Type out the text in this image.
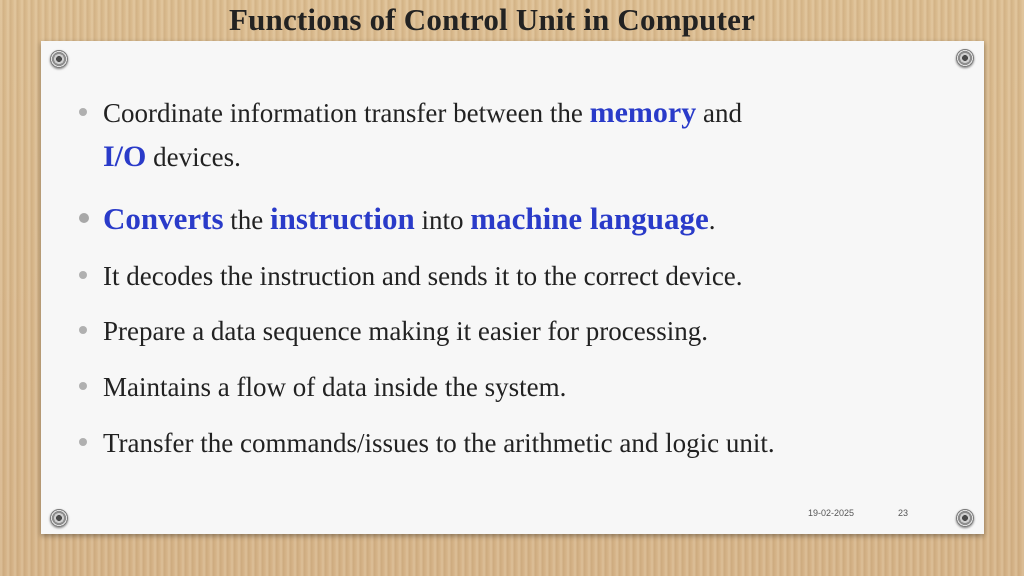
Functions of Control Unit in Computer
Coordinate information transfer between the memory and
I/O devices.
Converts the instruction into machine language.
It decodes the instruction and sends it to the correct device.
Prepare a data sequence making it easier for processing.
Maintains a flow of data inside the system.
Transfer the commands/issues to the arithmetic and logic unit.
19-02-2025	23
